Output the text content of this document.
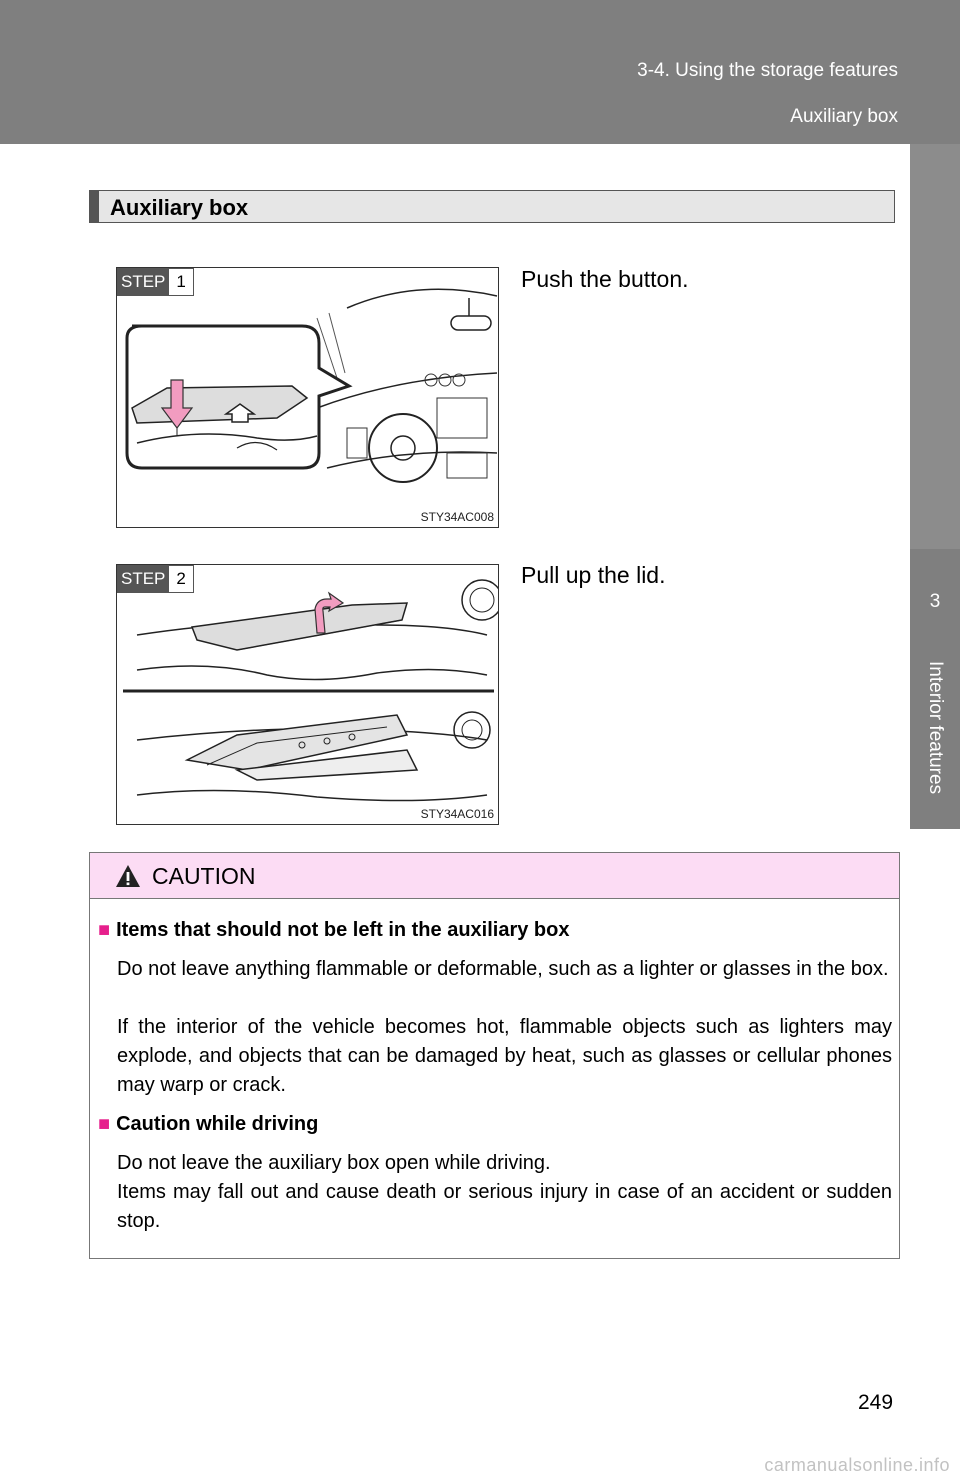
3-4. Using the storage features
Auxiliary box
3
Interior features
Auxiliary box
STEP 1
STY34AC008
Push the button.
STEP 2
STY34AC016
Pull up the lid.
CAUTION
■ Items that should not be left in the auxiliary box
Do not leave anything flammable or deformable, such as a lighter or glasses in the box.
If the interior of the vehicle becomes hot, flammable objects such as lighters may explode, and objects that can be damaged by heat, such as glasses or cellular phones may warp or crack.
■ Caution while driving
Do not leave the auxiliary box open while driving.
Items may fall out and cause death or serious injury in case of an accident or sudden stop.
249
carmanualsonline.info
